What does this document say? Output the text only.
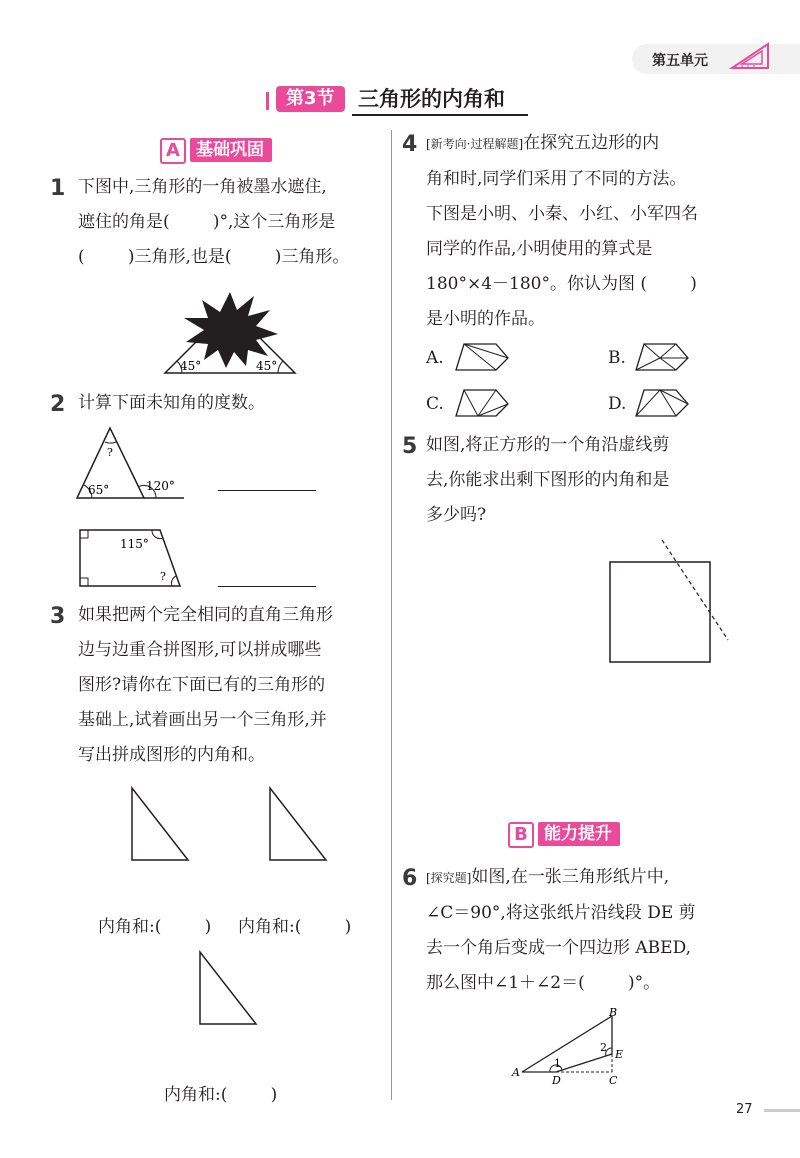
第五单元
第3节	三角形的内角和
A 基础巩固
1 下图中,三角形的一角被墨水遮住,
遮住的角是(        )°,这个三角形是
(        )三角形,也是(        )三角形。
45°	45°
2 计算下面未知角的度数。
?
65°	120°
115°
?
3 如果把两个完全相同的直角三角形
边与边重合拼图形,可以拼成哪些
图形?请你在下面已有的三角形的
基础上,试着画出另一个三角形,并
写出拼成图形的内角和。
内角和:(        ) 内角和:(        )
内角和:(        )
4 [新考向·过程解题]在探究五边形的内
角和时,同学们采用了不同的方法。
下图是小明、小秦、小红、小军四名
同学的作品,小明使用的算式是
180°×4－180°。你认为图 (        )
是小明的作品。
A.	B.
C.	D.
5 如图,将正方形的一个角沿虚线剪
去,你能求出剩下图形的内角和是
多少吗?
B 能力提升
6 [探究题]如图,在一张三角形纸片中,
∠C＝90°,将这张纸片沿线段 DE 剪
去一个角后变成一个四边形 ABED,
那么图中∠1＋∠2＝(        )°。
A
B
C
D
E
1
2
27
